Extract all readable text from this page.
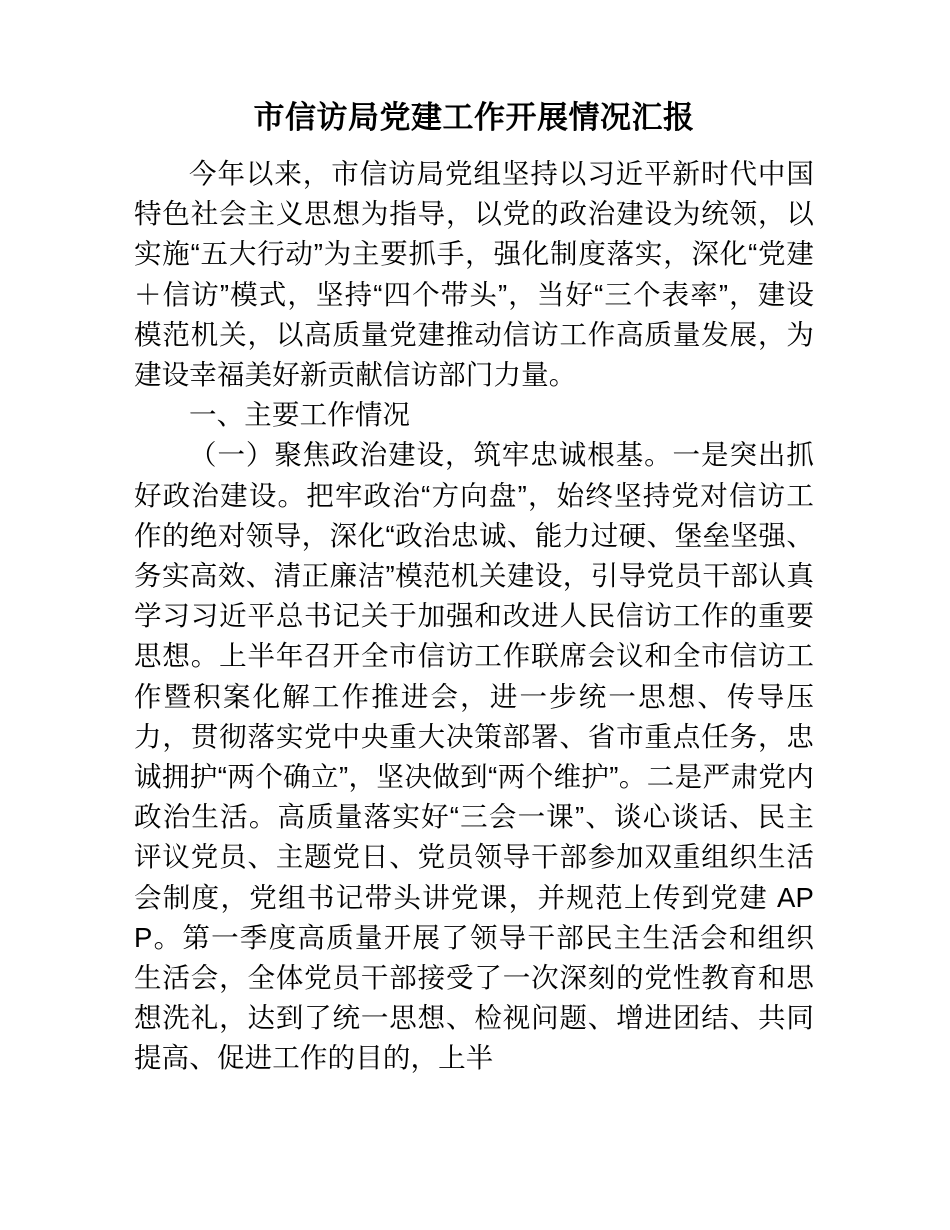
市信访局党建工作开展情况汇报

今年以来，市信访局党组坚持以习近平新时代中国特色社会主义思想为指导，以党的政治建设为统领，以实施“五大行动”为主要抓手，强化制度落实，深化“党建＋信访”模式，坚持“四个带头”，当好“三个表率”，建设模范机关，以高质量党建推动信访工作高质量发展，为建设幸福美好新贡献信访部门力量。

一、主要工作情况

（一）聚焦政治建设，筑牢忠诚根基。一是突出抓好政治建设。把牢政治“方向盘”，始终坚持党对信访工作的绝对领导，深化“政治忠诚、能力过硬、堡垒坚强、务实高效、清正廉洁”模范机关建设，引导党员干部认真学习习近平总书记关于加强和改进人民信访工作的重要思想。上半年召开全市信访工作联席会议和全市信访工作暨积案化解工作推进会，进一步统一思想、传导压力，贯彻落实党中央重大决策部署、省市重点任务，忠诚拥护“两个确立”，坚决做到“两个维护”。二是严肃党内政治生活。高质量落实好“三会一课”、谈心谈话、民主评议党员、主题党日、党员领导干部参加双重组织生活会制度，党组书记带头讲党课，并规范上传到党建 APP。第一季度高质量开展了领导干部民主生活会和组织生活会，全体党员干部接受了一次深刻的党性教育和思想洗礼，达到了统一思想、检视问题、增进团结、共同提高、促进工作的目的，上半
